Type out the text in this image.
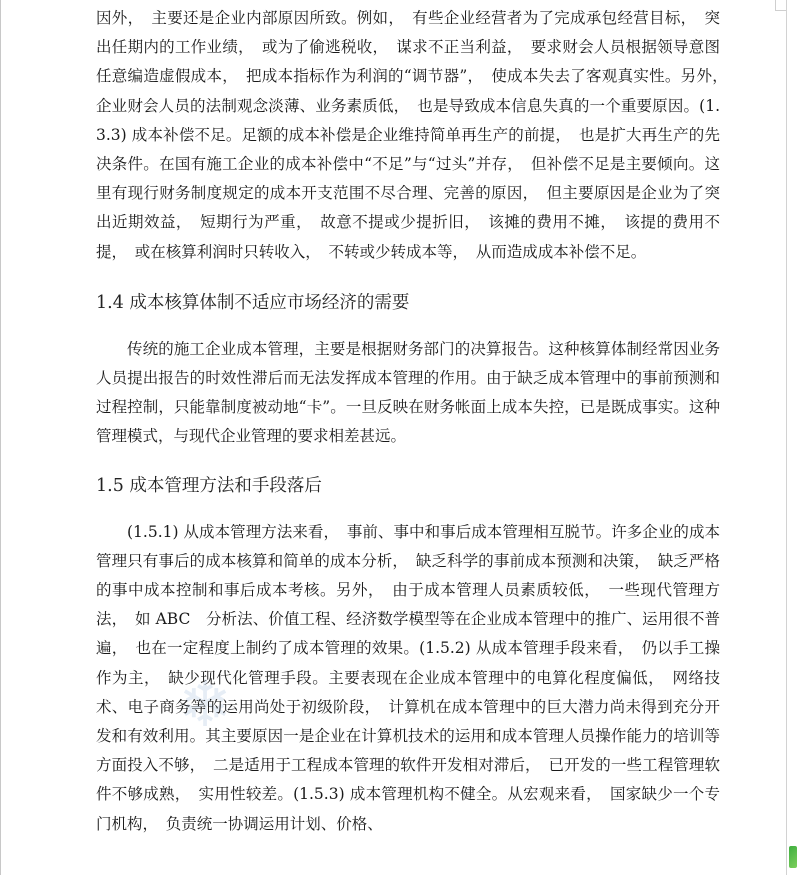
❄

因外，　主要还是企业内部原因所致。例如，　有些企业经营者为了完成承包经营目标，　突出任期内的工作业绩，　或为了偷逃税收，　谋求不正当利益，　要求财会人员根据领导意图任意编造虚假成本，　把成本指标作为利润的“调节器”，　使成本失去了客观真实性。另外，　企业财会人员的法制观念淡薄、业务素质低，　也是导致成本信息失真的一个重要原因。(1.3.3) 成本补偿不足。足额的成本补偿是企业维持简单再生产的前提，　也是扩大再生产的先决条件。在国有施工企业的成本补偿中“不足”与“过头”并存，　但补偿不足是主要倾向。这里有现行财务制度规定的成本开支范围不尽合理、完善的原因，　但主要原因是企业为了突出近期效益，　短期行为严重，　故意不提或少提折旧，　该摊的费用不摊，　该提的费用不提，　或在核算利润时只转收入，　不转或少转成本等，　从而造成成本补偿不足。

1.4 成本核算体制不适应市场经济的需要

传统的施工企业成本管理，主要是根据财务部门的决算报告。这种核算体制经常因业务人员提出报告的时效性滞后而无法发挥成本管理的作用。由于缺乏成本管理中的事前预测和过程控制，只能靠制度被动地“卡”。一旦反映在财务帐面上成本失控，已是既成事实。这种管理模式，与现代企业管理的要求相差甚远。

1.5 成本管理方法和手段落后

(1.5.1) 从成本管理方法来看，　事前、事中和事后成本管理相互脱节。许多企业的成本管理只有事后的成本核算和简单的成本分析，　缺乏科学的事前成本预测和决策，　缺乏严格的事中成本控制和事后成本考核。另外，　由于成本管理人员素质较低，　一些现代管理方法，　如 ABC　分析法、价值工程、经济数学模型等在企业成本管理中的推广、运用很不普遍，　也在一定程度上制约了成本管理的效果。(1.5.2) 从成本管理手段来看，　仍以手工操作为主，　缺少现代化管理手段。主要表现在企业成本管理中的电算化程度偏低，　网络技术、电子商务等的运用尚处于初级阶段，　计算机在成本管理中的巨大潜力尚未得到充分开发和有效利用。其主要原因一是企业在计算机技术的运用和成本管理人员操作能力的培训等方面投入不够，　二是适用于工程成本管理的软件开发相对滞后，　已开发的一些工程管理软件不够成熟，　实用性较差。(1.5.3) 成本管理机构不健全。从宏观来看，　国家缺少一个专门机构，　负责统一协调运用计划、价格、
